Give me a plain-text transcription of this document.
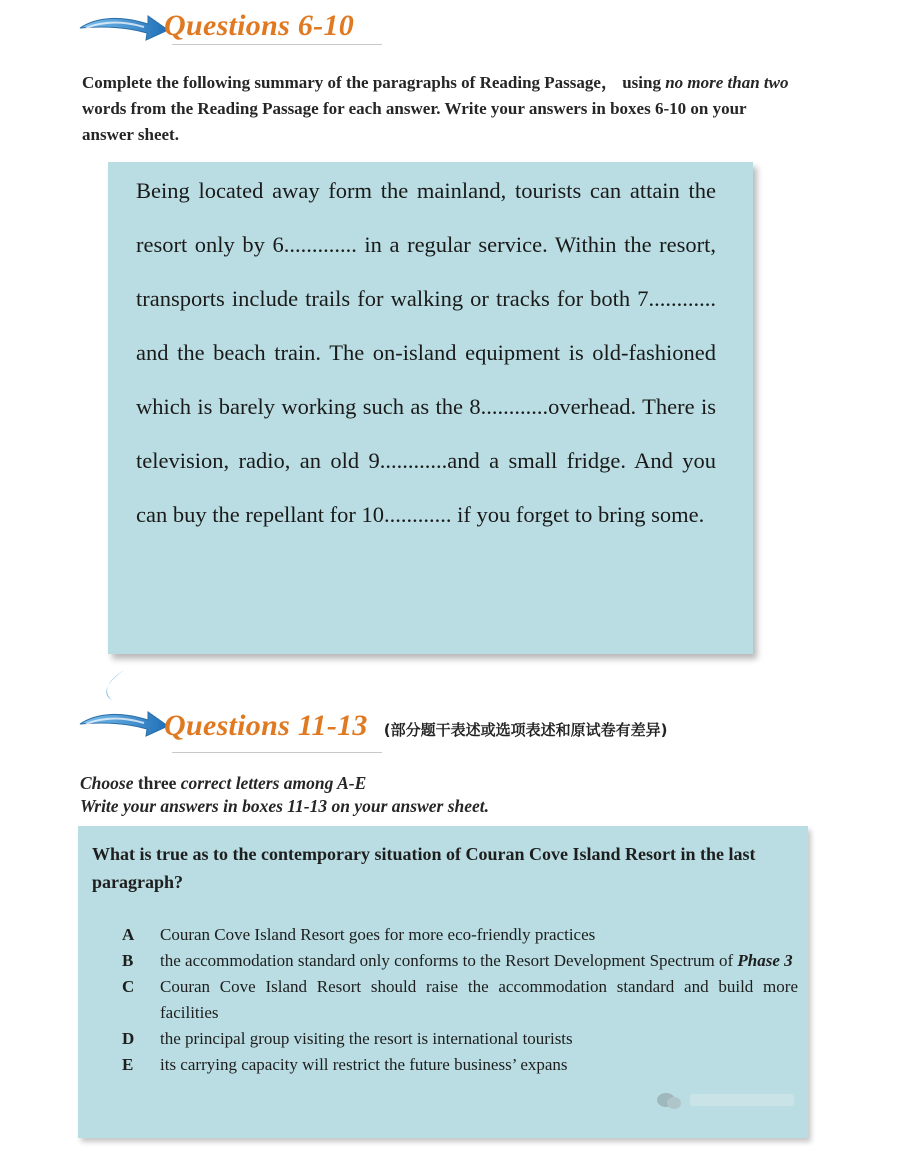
Questions 6-10
Complete the following summary of the paragraphs of Reading Passage， using no more than two words from the Reading Passage for each answer. Write your answers in boxes 6-10 on your answer sheet.

Being located away form the mainland, tourists can attain the resort only by 6............. in a regular service. Within the resort, transports include trails for walking or tracks for both 7............ and the beach train. The on-island equipment is old-fashioned which is barely working such as the 8............overhead. There is television, radio, an old 9............and a small fridge. And you can buy the repellant for 10............ if you forget to bring some.

Questions 11-13 (部分题干表述或选项表述和原试卷有差异)
Choose three correct letters among A-E
Write your answers in boxes 11-13 on your answer sheet.
What is true as to the contemporary situation of Couran Cove Island Resort in the last paragraph?
A	Couran Cove Island Resort goes for more eco-friendly practices
B	the accommodation standard only conforms to the Resort Development Spectrum of Phase 3
C	Couran Cove Island Resort should raise the accommodation standard and build more facilities
D	the principal group visiting the resort is international tourists
E	its carrying capacity will restrict the future business’ expans
